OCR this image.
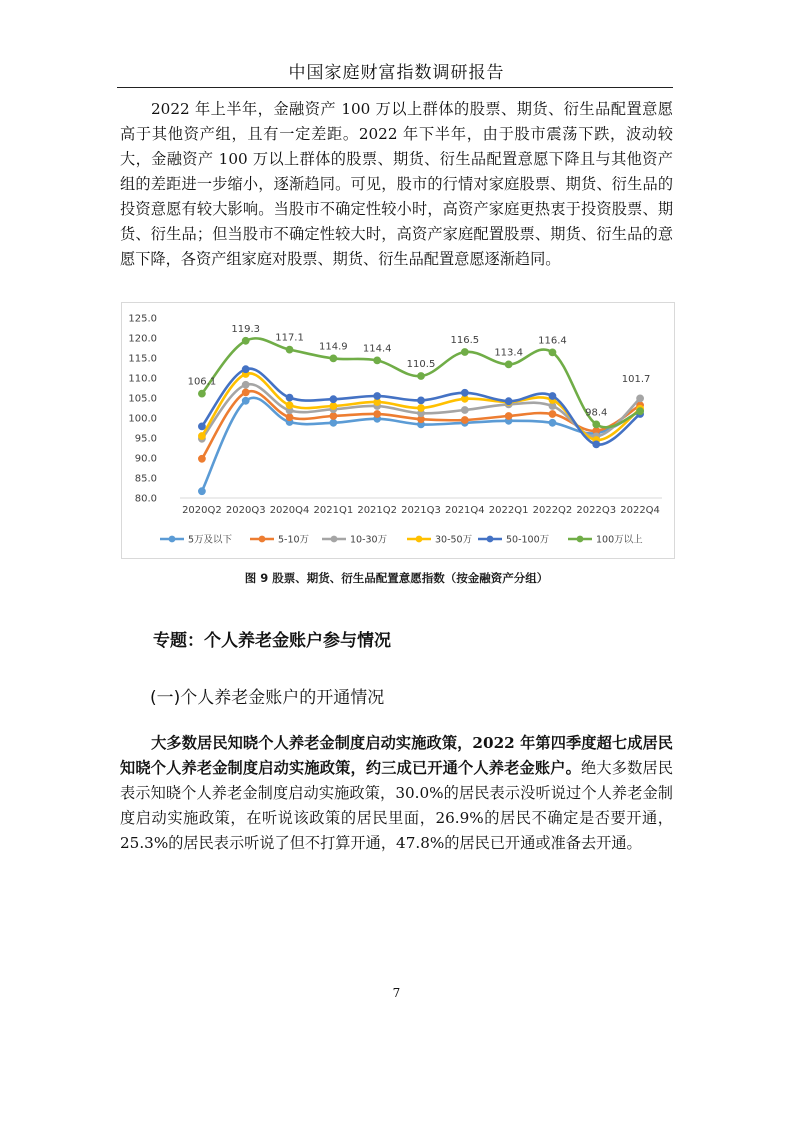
中国家庭财富指数调研报告
2022 年上半年，金融资产 100 万以上群体的股票、期货、衍生品配置意愿高于其他资产组，且有一定差距。2022 年下半年，由于股市震荡下跌，波动较大，金融资产 100 万以上群体的股票、期货、衍生品配置意愿下降且与其他资产组的差距进一步缩小，逐渐趋同。可见，股市的行情对家庭股票、期货、衍生品的投资意愿有较大影响。当股市不确定性较小时，高资产家庭更热衷于投资股票、期货、衍生品；但当股市不确定性较大时，高资产家庭配置股票、期货、衍生品的意愿下降，各资产组家庭对股票、期货、衍生品配置意愿逐渐趋同。
80.0
85.0
90.0
95.0
100.0
105.0
110.0
115.0
120.0
125.0
2020Q2 2020Q3 2020Q4 2021Q1 2021Q2 2021Q3 2021Q4 2022Q1 2022Q2 2022Q3 2022Q4
106.1
119.3
117.1
114.9 114.4
110.5
116.5
113.4
116.4
98.4
101.7
5万及以下	5-10万	10-30万	30-50万	50-100万	100万以上
图 9 股票、期货、衍生品配置意愿指数（按金融资产分组）
专题：个人养老金账户参与情况
(一)个人养老金账户的开通情况
大多数居民知晓个人养老金制度启动实施政策，2022 年第四季度超七成居民知晓个人养老金制度启动实施政策，约三成已开通个人养老金账户。绝大多数居民表示知晓个人养老金制度启动实施政策，30.0%的居民表示没听说过个人养老金制度启动实施政策，在听说该政策的居民里面，26.9%的居民不确定是否要开通，25.3%的居民表示听说了但不打算开通，47.8%的居民已开通或准备去开通。
7
